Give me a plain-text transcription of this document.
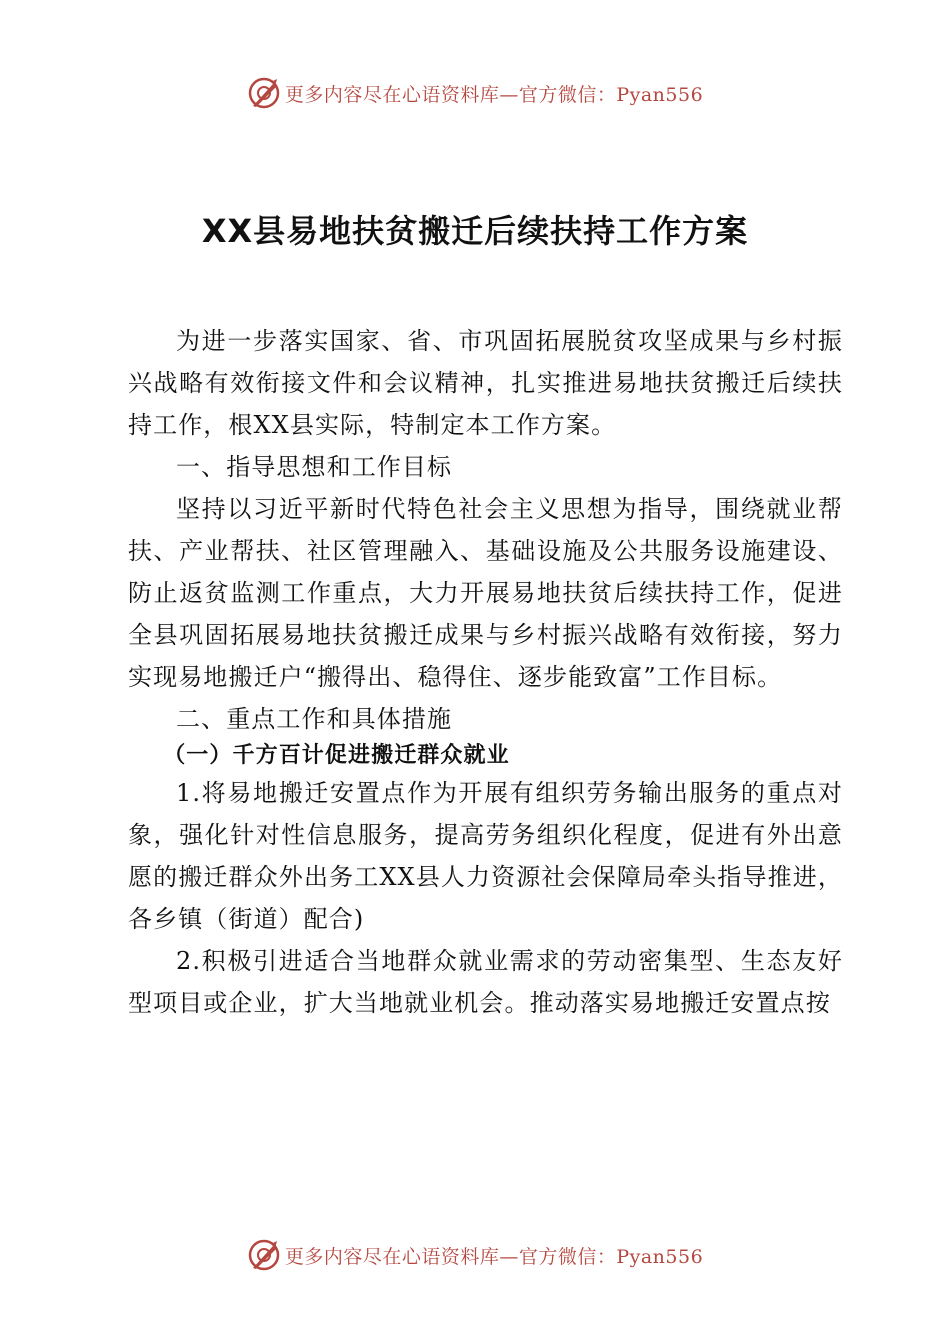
更多内容尽在心语资料库—官方微信：Pyan556
XX县易地扶贫搬迁后续扶持工作方案

为进一步落实国家、省、市巩固拓展脱贫攻坚成果与乡村振兴战略有效衔接文件和会议精神，扎实推进易地扶贫搬迁后续扶持工作，根XX县实际，特制定本工作方案。

一、指导思想和工作目标

坚持以习近平新时代特色社会主义思想为指导，围绕就业帮扶、产业帮扶、社区管理融入、基础设施及公共服务设施建设、防止返贫监测工作重点，大力开展易地扶贫后续扶持工作，促进全县巩固拓展易地扶贫搬迁成果与乡村振兴战略有效衔接，努力实现易地搬迁户“搬得出、稳得住、逐步能致富”工作目标。

二、重点工作和具体措施

（一）千方百计促进搬迁群众就业

1.将易地搬迁安置点作为开展有组织劳务输出服务的重点对象，强化针对性信息服务，提高劳务组织化程度，促进有外出意愿的搬迁群众外出务工XX县人力资源社会保障局牵头指导推进，各乡镇（街道）配合)

2.积极引进适合当地群众就业需求的劳动密集型、生态友好型项目或企业，扩大当地就业机会。推动落实易地搬迁安置点按

更多内容尽在心语资料库—官方微信：Pyan556
